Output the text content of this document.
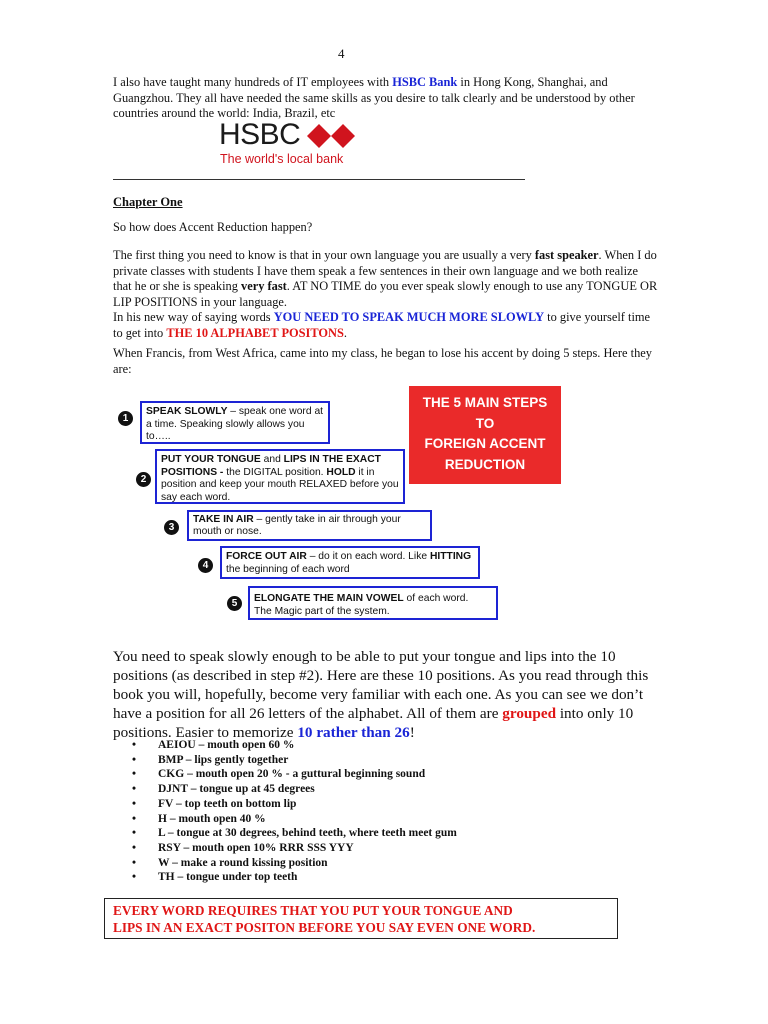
4
I also have taught many hundreds of IT employees with HSBC Bank in Hong Kong, Shanghai, and Guangzhou. They all have needed the same skills as you desire to talk clearly and be understood by other countries around the world: India, Brazil, etc
HSBC
The world's local bank
Chapter One
So how does Accent Reduction happen?
The first thing you need to know is that in your own language you are usually a very fast speaker. When I do private classes with students I have them speak a few sentences in their own language and we both realize that he or she is speaking very fast. AT NO TIME do you ever speak slowly enough to use any TONGUE OR LIP POSITIONS in your language.
In his new way of saying words YOU NEED TO SPEAK MUCH MORE SLOWLY to give yourself time to get into THE 10 ALPHABET POSITONS.
When Francis, from West Africa, came into my class, he began to lose his accent by doing 5 steps. Here they are:
1
SPEAK SLOWLY – speak one word at a time. Speaking slowly allows you to…..
2
PUT YOUR TONGUE and LIPS IN THE EXACT POSITIONS - the DIGITAL position. HOLD it in position and keep your mouth RELAXED before you say each word.
3
TAKE IN AIR – gently take in air through your mouth or nose.
4
FORCE OUT AIR – do it on each word. Like HITTING the beginning of each word
5	ELONGATE THE MAIN VOWEL of each word.
The Magic part of the system.
THE 5 MAIN STEPS
TO
FOREIGN ACCENT
REDUCTION
You need to speak slowly enough to be able to put your tongue and lips into the 10 positions (as described in step #2). Here are these 10 positions. As you read through this book you will, hopefully, become very familiar with each one. As you can see we don’t have a position for all 26 letters of the alphabet. All of them are grouped into only 10 positions. Easier to memorize 10 rather than 26!
• AEIOU – mouth open 60 %
• BMP – lips gently together
• CKG – mouth open 20 % - a guttural beginning sound
• DJNT – tongue up at 45 degrees
• FV – top teeth on bottom lip
• H – mouth open 40 %
• L – tongue at 30 degrees, behind teeth, where teeth meet gum
• RSY – mouth open 10% RRR SSS YYY
• W – make a round kissing position
• TH – tongue under top teeth
EVERY WORD REQUIRES THAT YOU PUT YOUR TONGUE AND
LIPS IN AN EXACT POSITON BEFORE YOU SAY EVEN ONE WORD.
